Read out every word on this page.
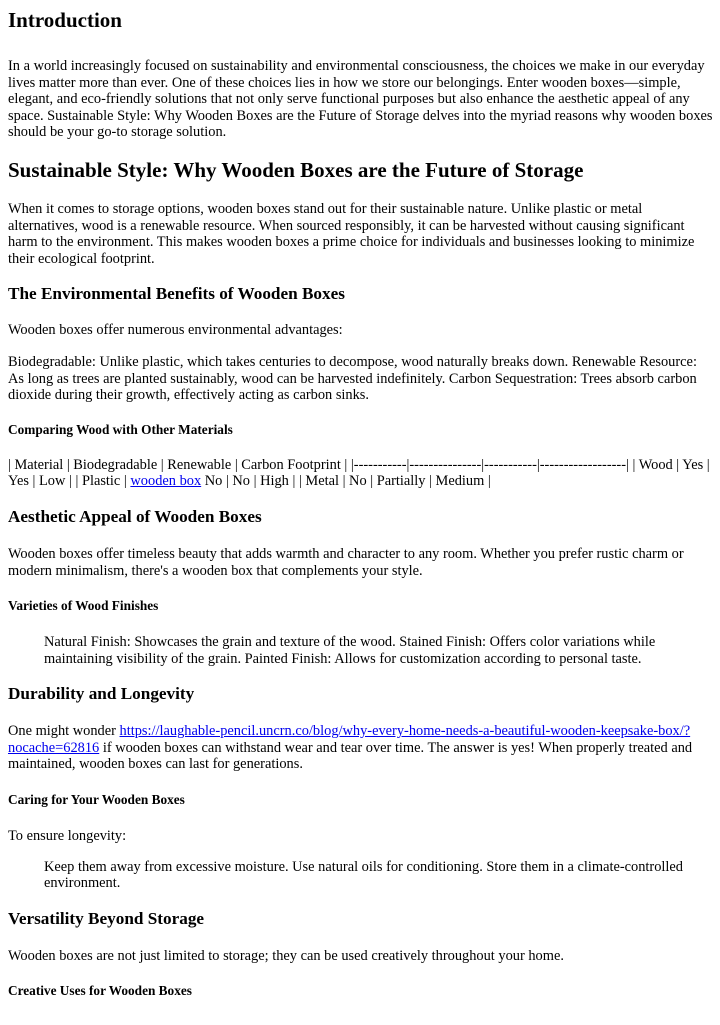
Introduction

In a world increasingly focused on sustainability and environmental consciousness, the choices we make in our everyday lives matter more than ever. One of these choices lies in how we store our belongings. Enter wooden boxes—simple, elegant, and eco-friendly solutions that not only serve functional purposes but also enhance the aesthetic appeal of any space. Sustainable Style: Why Wooden Boxes are the Future of Storage delves into the myriad reasons why wooden boxes should be your go-to storage solution.

Sustainable Style: Why Wooden Boxes are the Future of Storage

When it comes to storage options, wooden boxes stand out for their sustainable nature. Unlike plastic or metal alternatives, wood is a renewable resource. When sourced responsibly, it can be harvested without causing significant harm to the environment. This makes wooden boxes a prime choice for individuals and businesses looking to minimize their ecological footprint.

The Environmental Benefits of Wooden Boxes

Wooden boxes offer numerous environmental advantages:

Biodegradable: Unlike plastic, which takes centuries to decompose, wood naturally breaks down. Renewable Resource: As long as trees are planted sustainably, wood can be harvested indefinitely. Carbon Sequestration: Trees absorb carbon dioxide during their growth, effectively acting as carbon sinks.

Comparing Wood with Other Materials

| Material | Biodegradable | Renewable | Carbon Footprint | |-----------|---------------|-----------|------------------| | Wood | Yes | Yes | Low | | Plastic | wooden box No | No | High | | Metal | No | Partially | Medium |

Aesthetic Appeal of Wooden Boxes

Wooden boxes offer timeless beauty that adds warmth and character to any room. Whether you prefer rustic charm or modern minimalism, there's a wooden box that complements your style.

Varieties of Wood Finishes
Natural Finish: Showcases the grain and texture of the wood. Stained Finish: Offers color variations while maintaining visibility of the grain. Painted Finish: Allows for customization according to personal taste.
Durability and Longevity

One might wonder https://laughable-pencil.uncrn.co/blog/why-every-home-needs-a-beautiful-wooden-keepsake-box/?nocache=62816 if wooden boxes can withstand wear and tear over time. The answer is yes! When properly treated and maintained, wooden boxes can last for generations.

Caring for Your Wooden Boxes

To ensure longevity:

Keep them away from excessive moisture. Use natural oils for conditioning. Store them in a climate-controlled environment.
Versatility Beyond Storage

Wooden boxes are not just limited to storage; they can be used creatively throughout your home.

Creative Uses for Wooden Boxes
